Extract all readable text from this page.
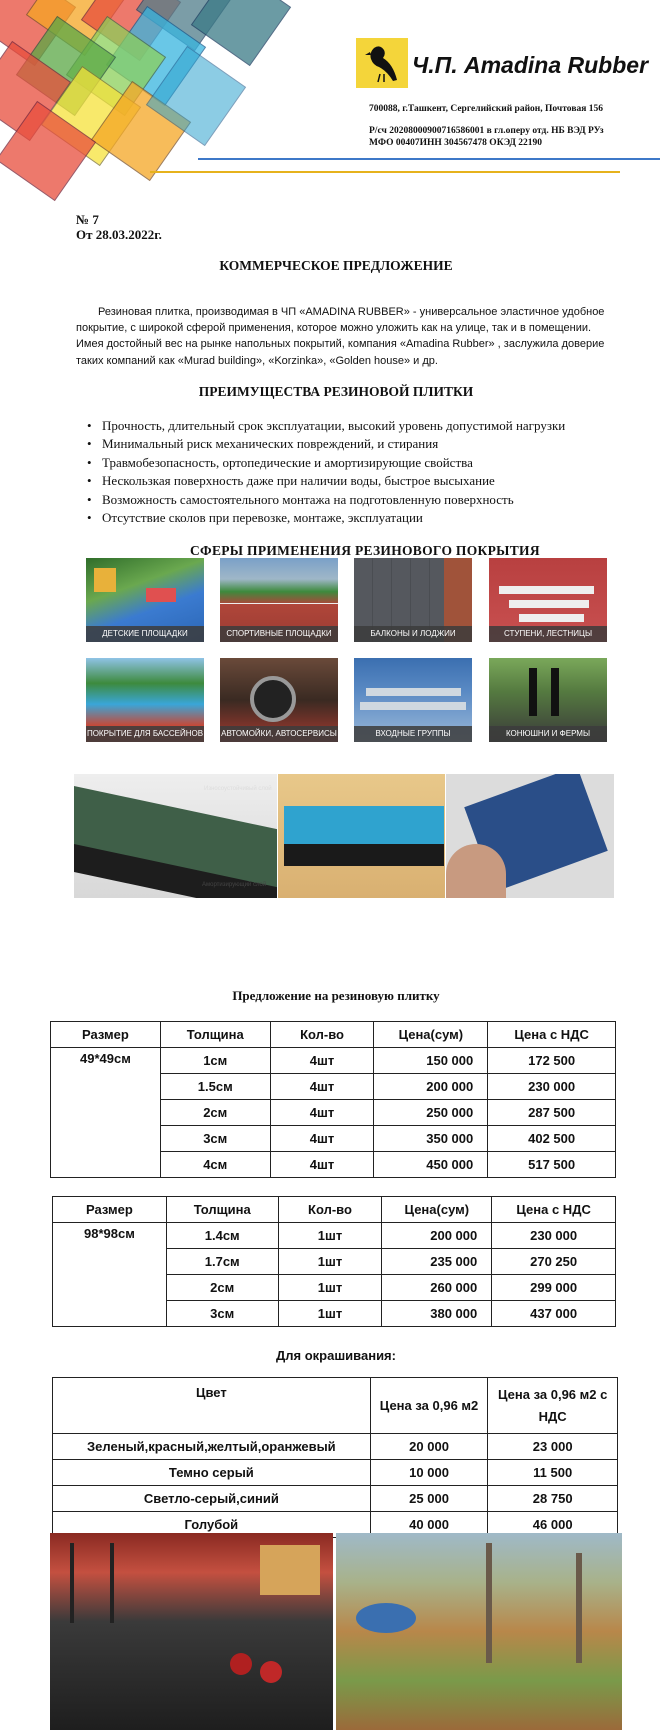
Ч.П. Amadina Rubber
700088, г.Ташкент, Сергелийский район, Почтовая 156
Р/сч 20208000900716586001 в гл.оперу отд. НБ ВЭД РУз
МФО 00407ИНН 304567478 ОКЭД 22190
№ 7
От 28.03.2022г.
КОММЕРЧЕСКОЕ ПРЕДЛОЖЕНИЕ
Резиновая плитка, производимая в ЧП «AMADINA RUBBER» - универсальное эластичное удобное покрытие, с широкой сферой применения, которое можно уложить как на улице, так и в помещении. Имея достойный вес на рынке напольных покрытий, компания «Amadina Rubber» , заслужила доверие таких компаний как «Murad building», «Korzinka», «Golden house» и др.
ПРЕИМУЩЕСТВА РЕЗИНОВОЙ ПЛИТКИ
• Прочность, длительный срок эксплуатации, высокий уровень допустимой нагрузки
• Минимальный риск механических повреждений, и стирания
• Травмобезопасность, ортопедические и амортизирующие свойства
• Нескользкая поверхность даже при наличии воды, быстрое высыхание
• Возможность самостоятельного монтажа на подготовленную поверхность
• Отсутствие сколов при перевозке, монтаже, эксплуатации
СФЕРЫ ПРИМЕНЕНИЯ РЕЗИНОВОГО ПОКРЫТИЯ
ДЕТСКИЕ ПЛОЩАДКИ	СПОРТИВНЫЕ ПЛОЩАДКИ	БАЛКОНЫ И ЛОДЖИИ	СТУПЕНИ, ЛЕСТНИЦЫ
ПОКРЫТИЕ ДЛЯ БАССЕЙНОВ АВТОМОЙКИ, АВТОСЕРВИСЫ	ВХОДНЫЕ ГРУППЫ	КОНЮШНИ И ФЕРМЫ
Износоустойчивый слой
Амортизирующий слой
Предложение на резиновую плитку
Размер	Толщина	Кол-во	Цена(сум)	Цена с НДС
49*49см	1см	4шт	150 000	172 500
	1.5см	4шт	200 000	230 000
	2см	4шт	250 000	287 500
	3см	4шт	350 000	402 500
	4см	4шт	450 000	517 500
Размер	Толщина	Кол-во	Цена(сум)	Цена с НДС
98*98см	1.4см	1шт	200 000	230 000
	1.7см	1шт	235 000	270 250
	2см	1шт	260 000	299 000
	3см	1шт	380 000	437 000
Для окрашивания:
Цвет	Цена за 0,96 м2	Цена за 0,96 м2 с НДС
Зеленый,красный,желтый,оранжевый	20 000	23 000
Темно серый	10 000	11 500
Светло-серый,синий	25 000	28 750
Голубой	40 000	46 000
